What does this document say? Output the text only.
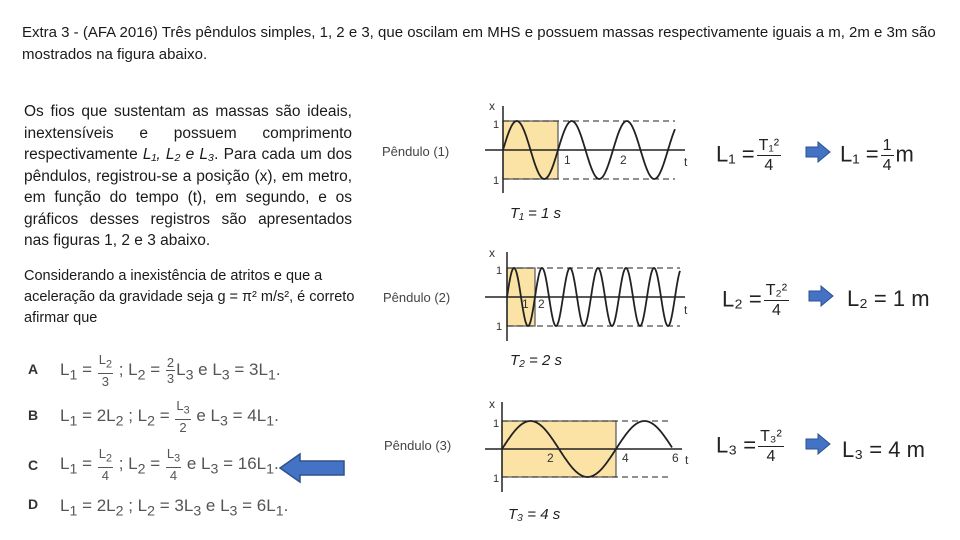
Extra 3 - (AFA 2016) Três pêndulos simples, 1, 2 e 3, que oscilam em MHS e possuem massas respectivamente iguais a m, 2m e 3m são mostrados na figura abaixo.
Os fios que sustentam as massas são ideais, inextensíveis e possuem comprimento respectivamente L₁, L₂ e L₃. Para cada um dos pêndulos, registrou-se a posição (x), em metro, em função do tempo (t), em segundo, e os gráficos desses registros são apresentados nas figuras 1, 2 e 3 abaixo.
Considerando a inexistência de atritos e que a aceleração da gravidade seja g = π² m/s², é correto afirmar que
A $L_1 = \frac{L_2}{3}$ ; $L_2 = \frac{2}{3} L_3$ e $L_3 = 3L_1$.
B $L_1 = 2L_2$ ; $L_2 = \frac{L_3}{2}$ e $L_3 = 4L_1$.
C $L_1 = \frac{L_2}{4}$ ; $L_2 = \frac{L_3}{4}$ e $L_3 = 16L_1$.
D $L_1 = 2L_2$ ; $L_2 = 3L_3$ e $L_3 = 6L_1$.
Pêndulo (1)
Pêndulo (2)
Pêndulo (3)
x
1
1
1	2	t
T₁ = 1 s
x
1
1
1 2	t
T₂ = 2 s
x
1
1
2	4	6 t
T₃ = 4 s
$L_1 = \frac{\text{T₁²}}{4}$	$L_1 = \frac{1}{4}$ m
$L_2 = \frac{\text{T₂²}}{4}$	L₂ = 1 m
$L_3 = \frac{\text{T₃²}}{4}$	L₃ = 4 m
